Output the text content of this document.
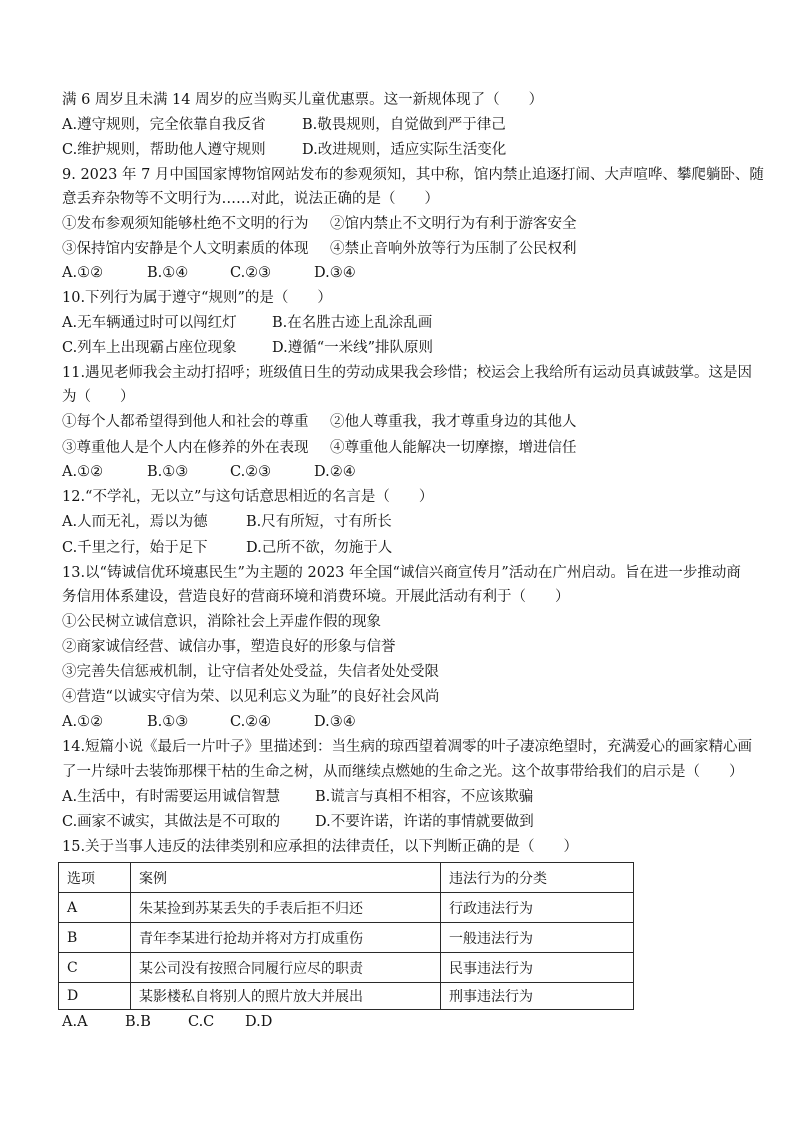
满 6 周岁且未满 14 周岁的应当购买儿童优惠票。这一新规体现了（　　）
A.遵守规则，完全依靠自我反省	B.敬畏规则，自觉做到严于律己
C.维护规则，帮助他人遵守规则	D.改进规则，适应实际生活变化
9. 2023 年 7 月中国国家博物馆网站发布的参观须知，其中称，馆内禁止追逐打闹、大声喧哗、攀爬躺卧、随
意丢弃杂物等不文明行为……对此，说法正确的是（　　）
①发布参观须知能够杜绝不文明的行为 ②馆内禁止不文明行为有利于游客安全
③保持馆内安静是个人文明素质的体现 ④禁止音响外放等行为压制了公民权利
A.①②	B.①④	C.②③	D.③④
10.下列行为属于遵守“规则”的是（　　）
A.无车辆通过时可以闯红灯 B.在名胜古迹上乱涂乱画
C.列车上出现霸占座位现象 D.遵循“一米线”排队原则
11.遇见老师我会主动打招呼；班级值日生的劳动成果我会珍惜；校运会上我给所有运动员真诚鼓掌。这是因
为（　　）
①每个人都希望得到他人和社会的尊重 ②他人尊重我，我才尊重身边的其他人
③尊重他人是个人内在修养的外在表现 ④尊重他人能解决一切摩擦，增进信任
A.①②	B.①③	C.②③	D.②④
12.“不学礼，无以立”与这句话意思相近的名言是（　　）
A.人而无礼，焉以为德	B.尺有所短，寸有所长
C.千里之行，始于足下	D.己所不欲，勿施于人
13.以“铸诚信优环境惠民生”为主题的 2023 年全国“诚信兴商宣传月”活动在广州启动。旨在进一步推动商
务信用体系建设，营造良好的营商环境和消费环境。开展此活动有利于（　　）
①公民树立诚信意识，消除社会上弄虚作假的现象
②商家诚信经营、诚信办事，塑造良好的形象与信誉
③完善失信惩戒机制，让守信者处处受益，失信者处处受限
④营造“以诚实守信为荣、以见利忘义为耻”的良好社会风尚
A.①②	B.①③	C.②④	D.③④
14.短篇小说《最后一片叶子》里描述到：当生病的琼西望着凋零的叶子凄凉绝望时，充满爱心的画家精心画
了一片绿叶去装饰那棵干枯的生命之树，从而继续点燃她的生命之光。这个故事带给我们的启示是（　　）
A.生活中，有时需要运用诚信智慧 B.谎言与真相不相容，不应该欺骗
C.画家不诚实，其做法是不可取的 D.不要许诺，许诺的事情就要做到
15.关于当事人违反的法律类别和应承担的法律责任，以下判断正确的是（　　）
选项	案例	违法行为的分类
A	朱某捡到苏某丢失的手表后拒不归还	行政违法行为
B	青年李某进行抢劫并将对方打成重伤	一般违法行为
C	某公司没有按照合同履行应尽的职责	民事违法行为
D	某影楼私自将别人的照片放大并展出	刑事违法行为
A.A	B.B	C.C D.D
